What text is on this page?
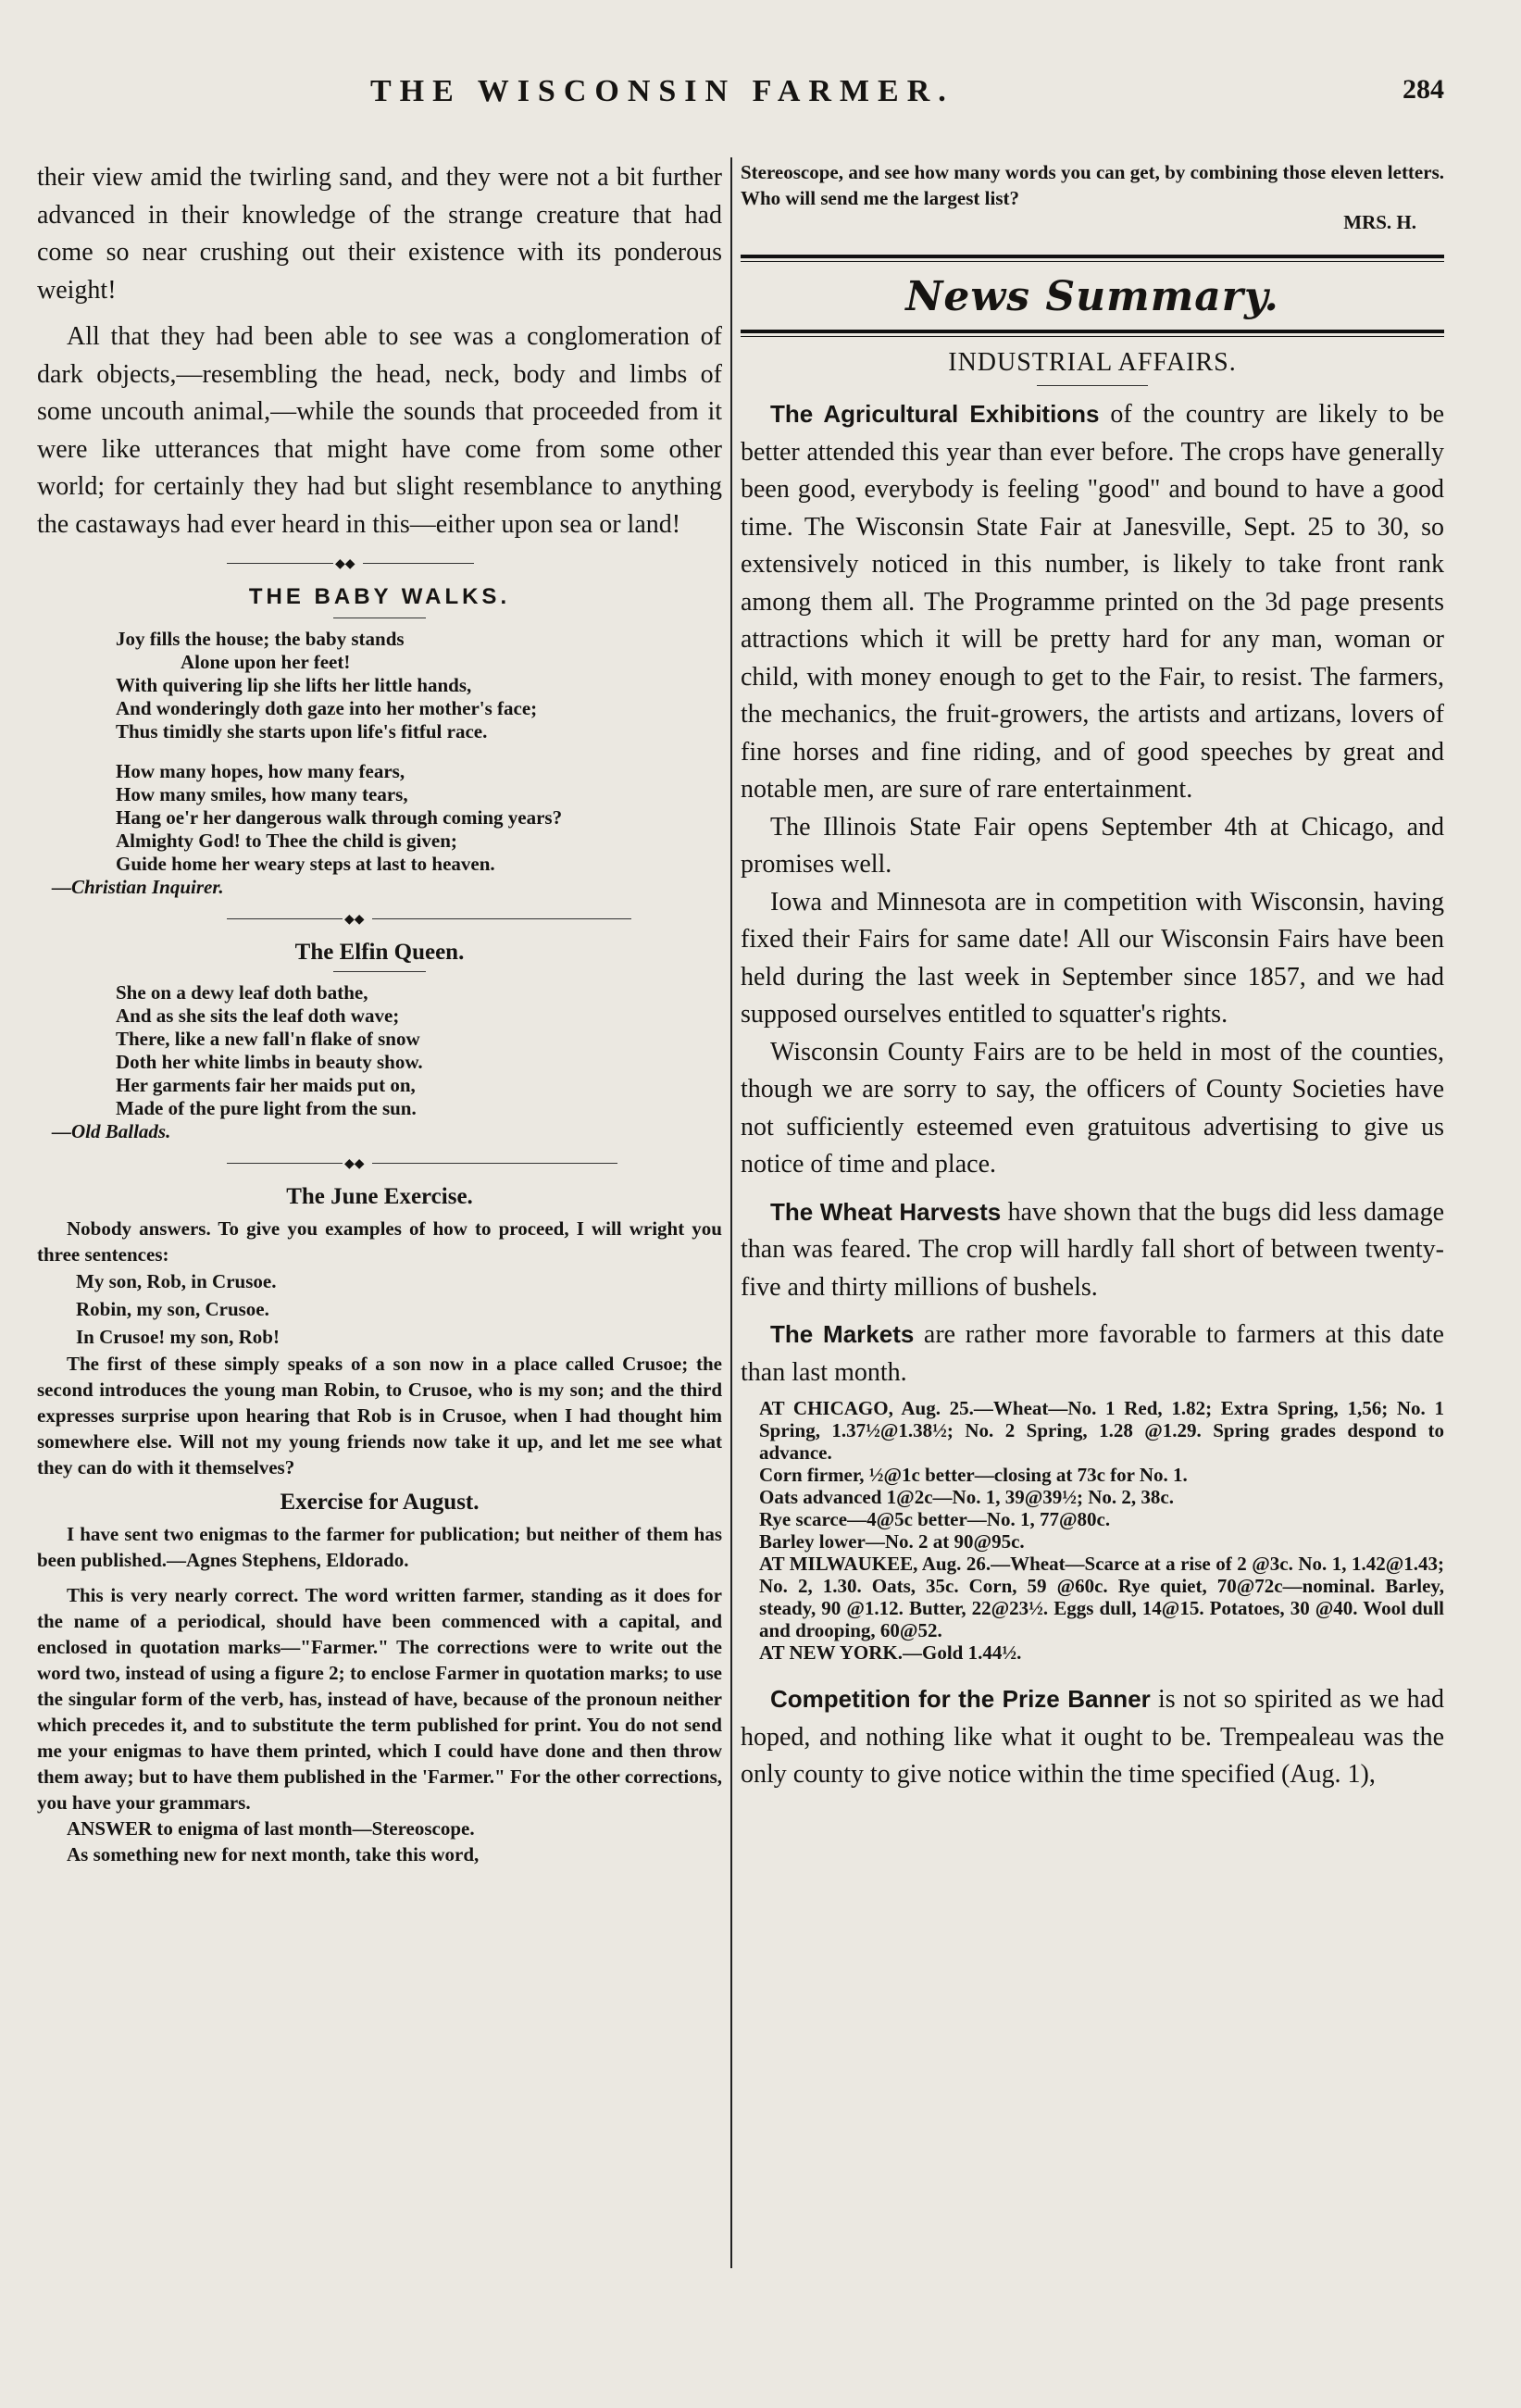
THE WISCONSIN FARMER.	284

their view amid the twirling sand, and they were not a bit further advanced in their knowledge of the strange creature that had come so near crushing out their existence with its ponderous weight!

All that they had been able to see was a conglomeration of dark objects,—resembling the head, neck, body and limbs of some uncouth animal,—while the sounds that proceeded from it were like utterances that might have come from some other world; for certainly they had but slight resemblance to anything the castaways had ever heard in this—either upon sea or land!

◆◆
THE BABY WALKS.
Joy fills the house; the baby stands
Alone upon her feet!
With quivering lip she lifts her little hands,
And wonderingly doth gaze into her mother's face;
Thus timidly she starts upon life's fitful race.
How many hopes, how many fears,
How many smiles, how many tears,
Hang oe'r her dangerous walk through coming years?
Almighty God! to Thee the child is given;
Guide home her weary steps at last to heaven.
—Christian Inquirer.
◆◆
The Elfin Queen.
She on a dewy leaf doth bathe,
And as she sits the leaf doth wave;
There, like a new fall'n flake of snow
Doth her white limbs in beauty show.
Her garments fair her maids put on,
Made of the pure light from the sun.
—Old Ballads.
◆◆
The June Exercise.

Nobody answers. To give you examples of how to proceed, I will wright you three sentences:

My son, Rob, in Crusoe.
Robin, my son, Crusoe.
In Crusoe! my son, Rob!

The first of these simply speaks of a son now in a place called Crusoe; the second introduces the young man Robin, to Crusoe, who is my son; and the third expresses surprise upon hearing that Rob is in Crusoe, when I had thought him somewhere else. Will not my young friends now take it up, and let me see what they can do with it themselves?

Exercise for August.

I have sent two enigmas to the farmer for publication; but neither of them has been published.—Agnes Stephens, Eldorado.

This is very nearly correct. The word written farmer, standing as it does for the name of a periodical, should have been commenced with a capital, and enclosed in quotation marks—"Farmer." The corrections were to write out the word two, instead of using a figure 2; to enclose Farmer in quotation marks; to use the singular form of the verb, has, instead of have, because of the pronoun neither which precedes it, and to substitute the term published for print. You do not send me your enigmas to have them printed, which I could have done and then throw them away; but to have them published in the 'Farmer." For the other corrections, you have your grammars.

ANSWER to enigma of last month—Stereoscope.

As something new for next month, take this word,

Stereoscope, and see how many words you can get, by combining those eleven letters. Who will send me the largest list?

MRS. H.
News Summary.
INDUSTRIAL AFFAIRS.

The Agricultural Exhibitions of the country are likely to be better attended this year than ever before. The crops have generally been good, everybody is feeling "good" and bound to have a good time. The Wisconsin State Fair at Janesville, Sept. 25 to 30, so extensively noticed in this number, is likely to take front rank among them all. The Programme printed on the 3d page presents attractions which it will be pretty hard for any man, woman or child, with money enough to get to the Fair, to resist. The farmers, the mechanics, the fruit-growers, the artists and artizans, lovers of fine horses and fine riding, and of good speeches by great and notable men, are sure of rare entertainment.

The Illinois State Fair opens September 4th at Chicago, and promises well.

Iowa and Minnesota are in competition with Wisconsin, having fixed their Fairs for same date! All our Wisconsin Fairs have been held during the last week in September since 1857, and we had supposed ourselves entitled to squatter's rights.

Wisconsin County Fairs are to be held in most of the counties, though we are sorry to say, the officers of County Societies have not sufficiently esteemed even gratuitous advertising to give us notice of time and place.

The Wheat Harvests have shown that the bugs did less damage than was feared. The crop will hardly fall short of between twenty-five and thirty millions of bushels.

The Markets are rather more favorable to farmers at this date than last month.

AT CHICAGO, Aug. 25.—Wheat—No. 1 Red, 1.82; Extra Spring, 1,56; No. 1 Spring, 1.37½@1.38½; No. 2 Spring, 1.28 @1.29. Spring grades despond to advance.

Corn firmer, ½@1c better—closing at 73c for No. 1.

Oats advanced 1@2c—No. 1, 39@39½; No. 2, 38c.

Rye scarce—4@5c better—No. 1, 77@80c.

Barley lower—No. 2 at 90@95c.

AT MILWAUKEE, Aug. 26.—Wheat—Scarce at a rise of 2 @3c. No. 1, 1.42@1.43; No. 2, 1.30. Oats, 35c. Corn, 59 @60c. Rye quiet, 70@72c—nominal. Barley, steady, 90 @1.12. Butter, 22@23½. Eggs dull, 14@15. Potatoes, 30 @40. Wool dull and drooping, 60@52.

AT NEW YORK.—Gold 1.44½.

Competition for the Prize Banner is not so spirited as we had hoped, and nothing like what it ought to be. Trempealeau was the only county to give notice within the time specified (Aug. 1),
